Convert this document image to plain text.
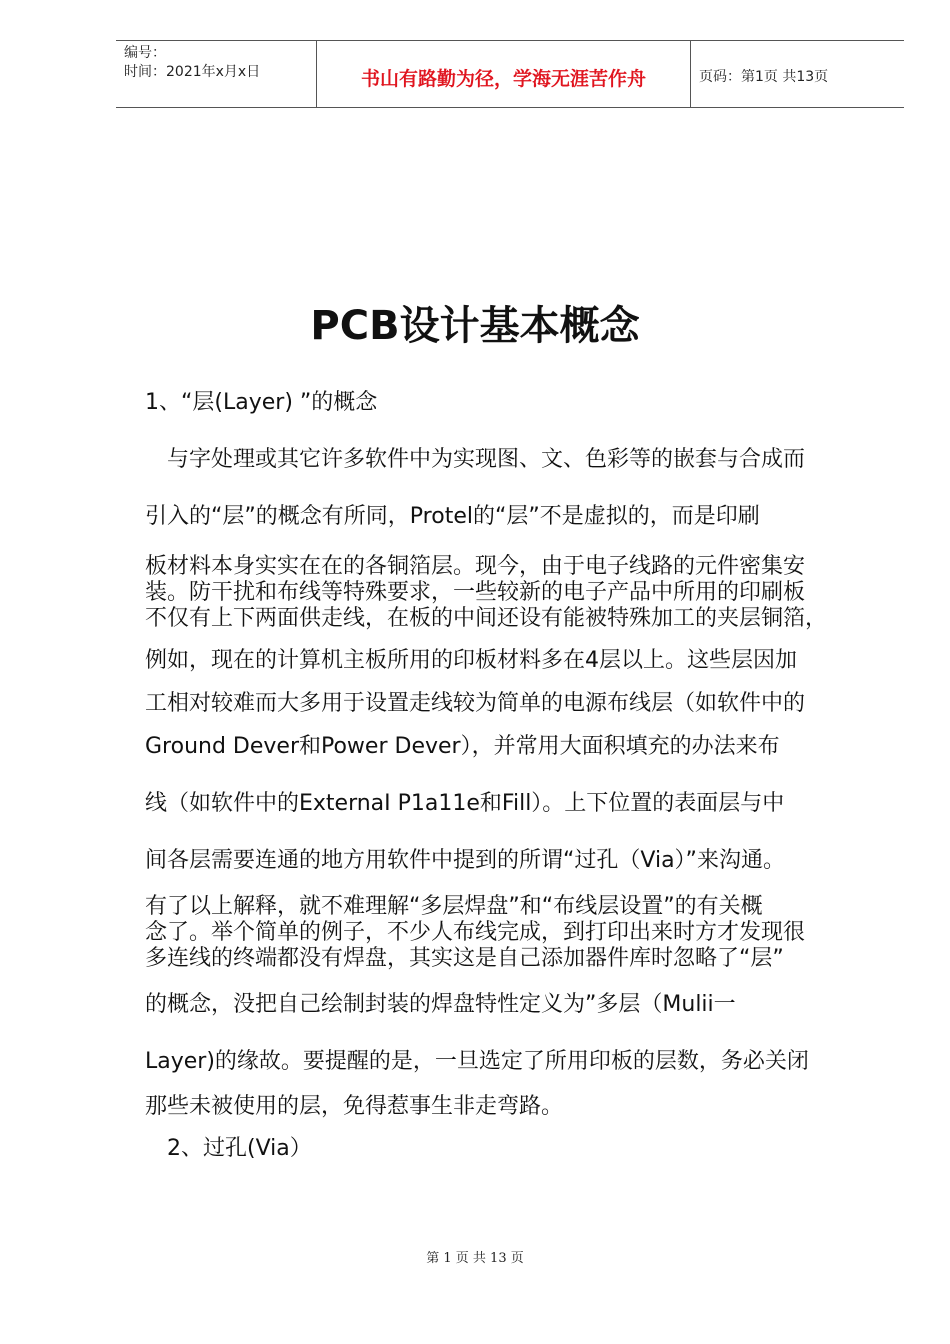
编号：
时间：2021年x月x日	书山有路勤为径，学海无涯苦作舟	页码：第1页 共13页
PCB设计基本概念
1、“层(Layer) ”的概念
　与字处理或其它许多软件中为实现图、文、色彩等的嵌套与合成而
引入的“层”的概念有所同，Protel的“层”不是虚拟的，而是印刷
板材料本身实实在在的各铜箔层。现今，由于电子线路的元件密集安
装。防干扰和布线等特殊要求，一些较新的电子产品中所用的印刷板
不仅有上下两面供走线，在板的中间还设有能被特殊加工的夹层铜箔，
例如，现在的计算机主板所用的印板材料多在4层以上。这些层因加
工相对较难而大多用于设置走线较为简单的电源布线层（如软件中的
Ground Dever和Power Dever），并常用大面积填充的办法来布
线（如软件中的ExternaI P1a11e和Fill）。上下位置的表面层与中
间各层需要连通的地方用软件中提到的所谓“过孔（Via）”来沟通。
有了以上解释，就不难理解“多层焊盘”和“布线层设置”的有关概
念了。举个简单的例子，不少人布线完成，到打印出来时方才发现很
多连线的终端都没有焊盘，其实这是自己添加器件库时忽略了“层”
的概念，没把自己绘制封装的焊盘特性定义为”多层（Mulii一
Layer)的缘故。要提醒的是，一旦选定了所用印板的层数，务必关闭
那些未被使用的层，免得惹事生非走弯路。
　2、过孔(Via）
第 1 页 共 13 页
